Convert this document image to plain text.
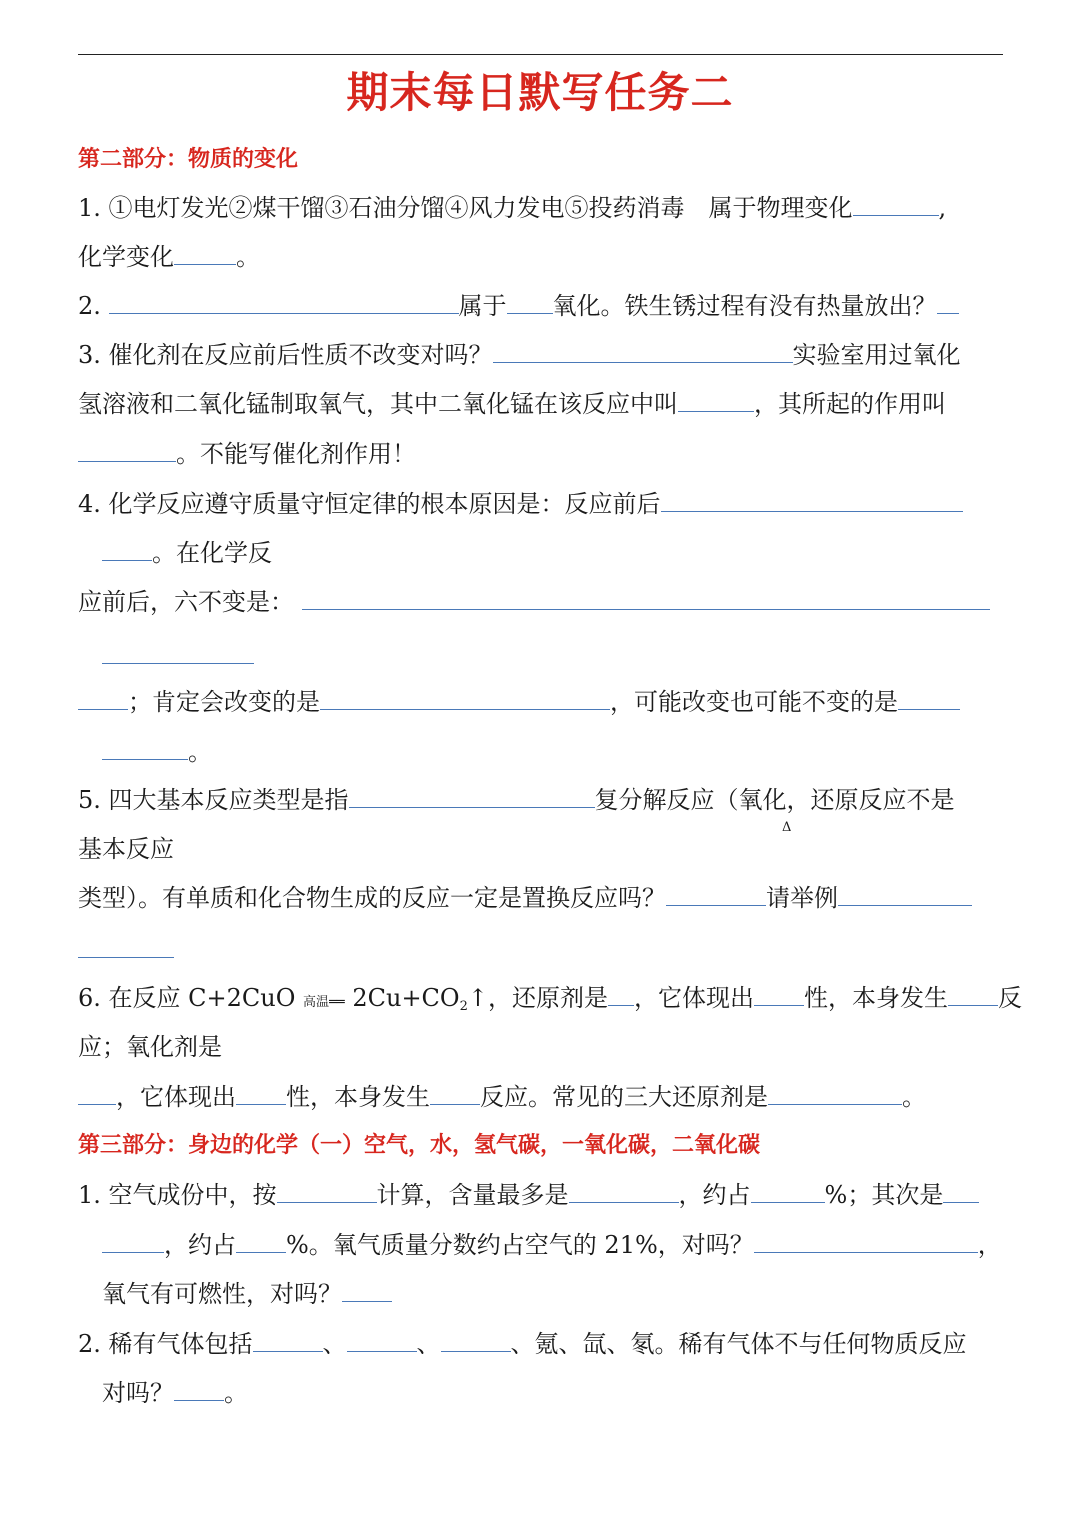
期末每日默写任务二
第二部分：物质的变化
1. ①电灯发光②煤干馏③石油分馏④风力发电⑤投药消毒　属于物理变化	,
化学变化	。
2.	属于 氧化。铁生锈过程有没有热量放出？
3. 催化剂在反应前后性质不改变对吗？	实验室用过氧化
氢溶液和二氧化锰制取氧气，其中二氧化锰在该反应中叫	，其所起的作用叫
。不能写催化剂作用！
4. 化学反应遵守质量守恒定律的根本原因是：反应前后
。在化学反
应前后，六不变是：
；肯定会改变的是	，可能改变也可能不变的是
。
5. 四大基本反应类型是指	复分解反应（氧化，还原反应不是
Δ
基本反应
类型）。有单质和化合物生成的反应一定是置换反应吗？	请举例
6. 在反应 C+2CuO 高温══ $2Cu+CO_2↑$，还原剂是 ，它体现出 性，本身发生 反
应；氧化剂是
，它体现出 性，本身发生 反应。常见的三大还原剂是	。
第三部分：身边的化学（一）空气，水，氢气碳，一氧化碳，二氧化碳
1. 空气成份中，按	计算，含量最多是	，约占	%；其次是
，约占 %。氧气质量分数约占空气的 21%，对吗？	，
氧气有可燃性，对吗？
2. 稀有气体包括	、	、	、氪、氙、氡。稀有气体不与任何物质反应
对吗？ 。
